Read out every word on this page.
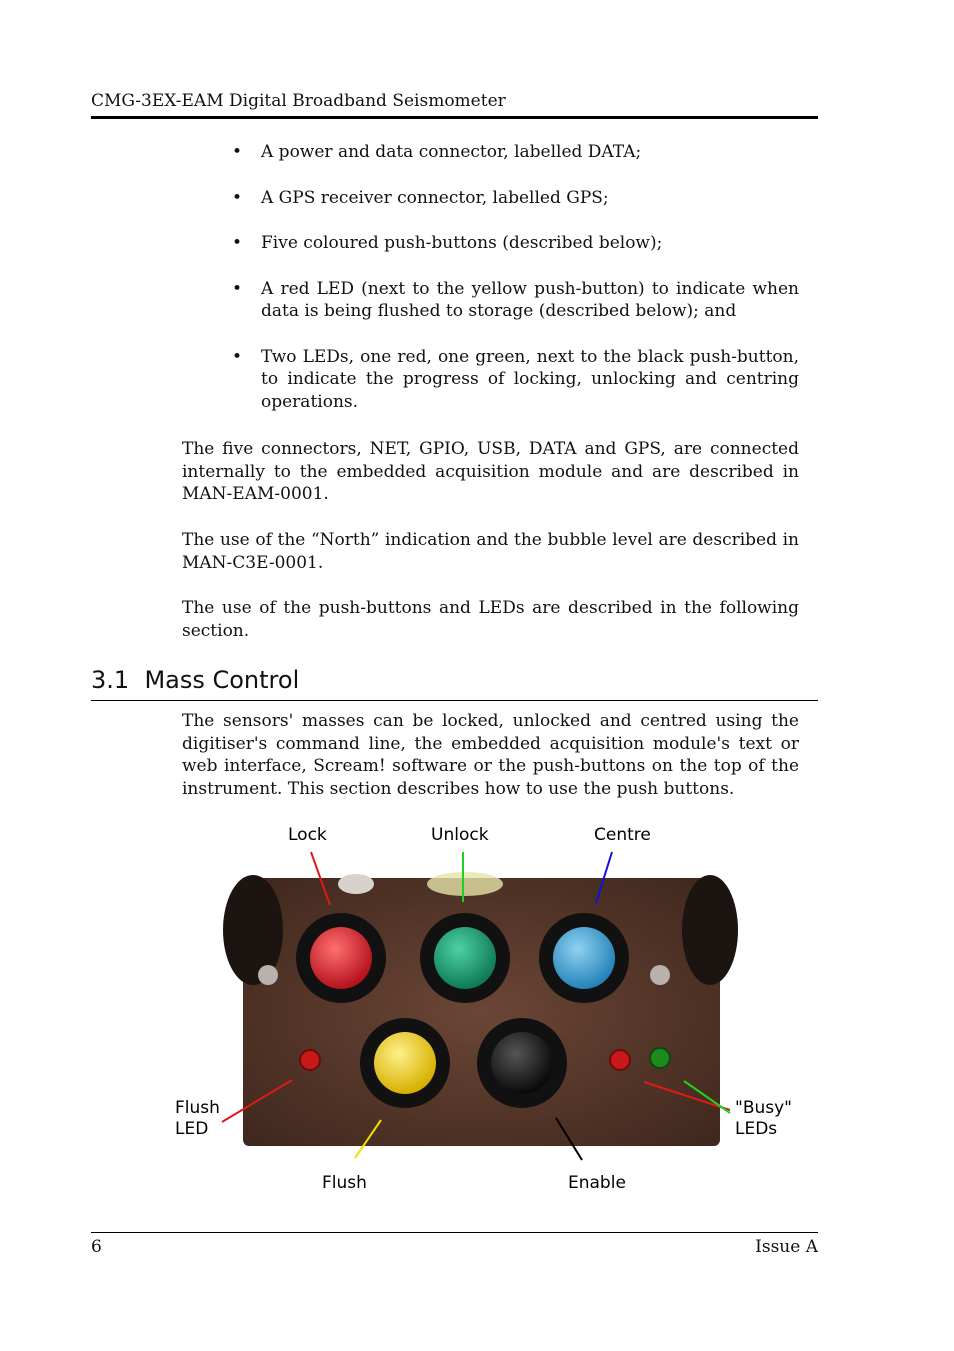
CMG-3EX-EAM Digital Broadband Seismometer
• A power and data connector, labelled DATA;
• A GPS receiver connector, labelled GPS;
• Five coloured push-buttons (described below);
• A red LED (next to the yellow push-button) to indicate when data is being flushed to storage (described below); and
• Two LEDs, one red, one green, next to the black push-button, to indicate the progress of locking, unlocking and centring operations.

The five connectors, NET, GPIO, USB, DATA and GPS, are connected internally to the embedded acquisition module and are described in MAN-EAM-0001.

The use of the “North” indication and the bubble level are described in MAN-C3E-0001.

The use of the push-buttons and LEDs are described in the following section.

3.1 Mass Control

The sensors' masses can be locked, unlocked and centred using the digitiser's command line, the embedded acquisition module's text or web interface, Scream! software or the push-buttons on the top of the instrument. This section describes how to use the push buttons.

Lock	Unlock	Centre
Flush
LED
"Busy"
LEDs
Flush	Enable
6	Issue A
